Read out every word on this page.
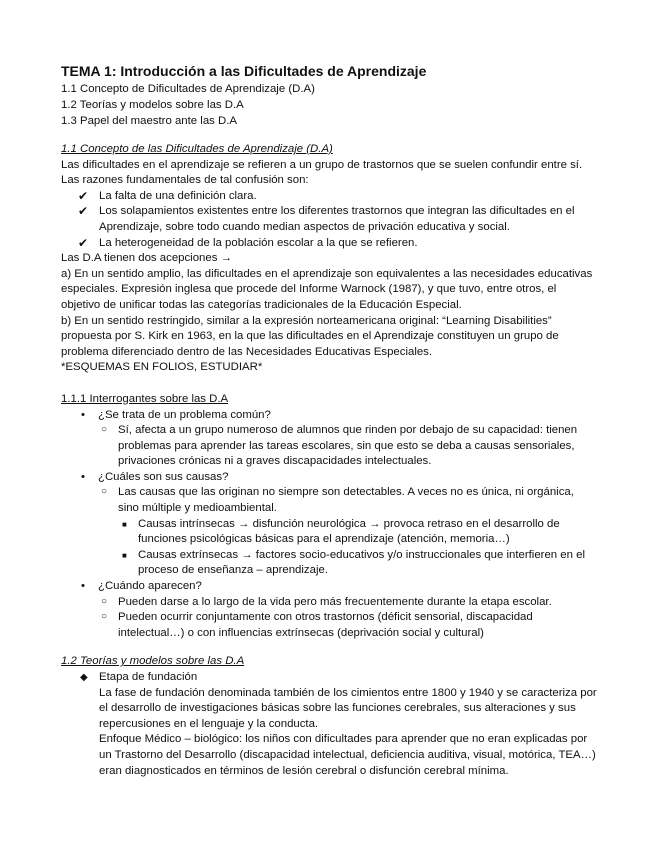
TEMA 1: Introducción a las Dificultades de Aprendizaje
1.1 Concepto de Dificultades de Aprendizaje (D.A)
1.2 Teorías y modelos sobre las D.A
1.3 Papel del maestro ante las D.A
1.1 Concepto de las Dificultades de Aprendizaje (D.A)

Las dificultades en el aprendizaje se refieren a un grupo de trastornos que se suelen confundir entre sí. Las razones fundamentales de tal confusión son:

✔ La falta de una definición clara.
✔ Los solapamientos existentes entre los diferentes trastornos que integran las dificultades en el Aprendizaje, sobre todo cuando median aspectos de privación educativa y social.
✔ La heterogeneidad de la población escolar a la que se refieren.

Las D.A tienen dos acepciones →

a) En un sentido amplio, las dificultades en el aprendizaje son equivalentes a las necesidades educativas especiales. Expresión inglesa que procede del Informe Warnock (1987), y que tuvo, entre otros, el objetivo de unificar todas las categorías tradicionales de la Educación Especial.

b) En un sentido restringido, similar a la expresión norteamericana original: “Learning Disabilities” propuesta por S. Kirk en 1963, en la que las dificultades en el Aprendizaje constituyen un grupo de problema diferenciado dentro de las Necesidades Educativas Especiales.

*ESQUEMAS EN FOLIOS, ESTUDIAR*

1.1.1 Interrogantes sobre las D.A
• ¿Se trata de un problema común?
○ Sí, afecta a un grupo numeroso de alumnos que rinden por debajo de su capacidad: tienen problemas para aprender las tareas escolares, sin que esto se deba a causas sensoriales, privaciones crónicas ni a graves discapacidades intelectuales.
• ¿Cuáles son sus causas?
○ Las causas que las originan no siempre son detectables. A veces no es única, ni orgánica, sino múltiple y medioambiental.
■ Causas intrínsecas → disfunción neurológica → provoca retraso en el desarrollo de funciones psicológicas básicas para el aprendizaje (atención, memoria…)
■ Causas extrínsecas → factores socio-educativos y/o instruccionales que interfieren en el proceso de enseñanza – aprendizaje.
• ¿Cuándo aparecen?
○ Pueden darse a lo largo de la vida pero más frecuentemente durante la etapa escolar.
○ Pueden ocurrir conjuntamente con otros trastornos (déficit sensorial, discapacidad intelectual…) o con influencias extrínsecas (deprivación social y cultural)
1.2 Teorías y modelos sobre las D.A
◆ Etapa de fundación

La fase de fundación denominada también de los cimientos entre 1800 y 1940 y se caracteriza por el desarrollo de investigaciones básicas sobre las funciones cerebrales, sus alteraciones y sus repercusiones en el lenguaje y la conducta.

Enfoque Médico – biológico: los niños con dificultades para aprender que no eran explicadas por un Trastorno del Desarrollo (discapacidad intelectual, deficiencia auditiva, visual, motórica, TEA…) eran diagnosticados en términos de lesión cerebral o disfunción cerebral mínima.
